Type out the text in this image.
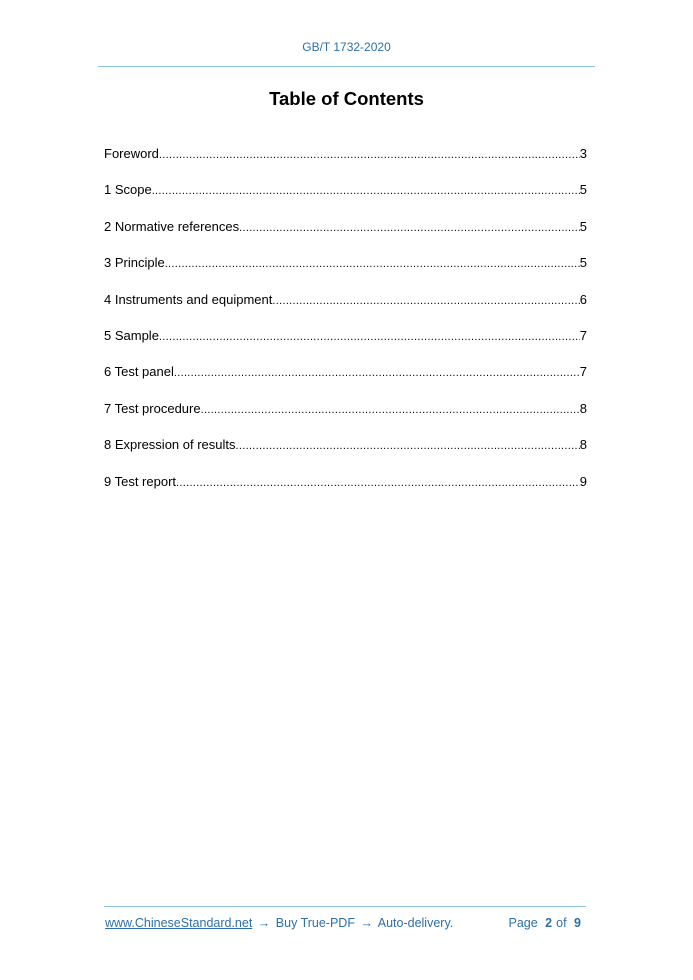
GB/T 1732-2020
Table of Contents
Foreword .....	3
1 Scope .....	5
2 Normative references .....	5
3 Principle .....	5
4 Instruments and equipment .....	6
5 Sample .....	7
6 Test panel .....	7
7 Test procedure .....	8
8 Expression of results .....	8
9 Test report .....	9
www.ChineseStandard.net → Buy True-PDF → Auto-delivery.	Page 2 of 9
